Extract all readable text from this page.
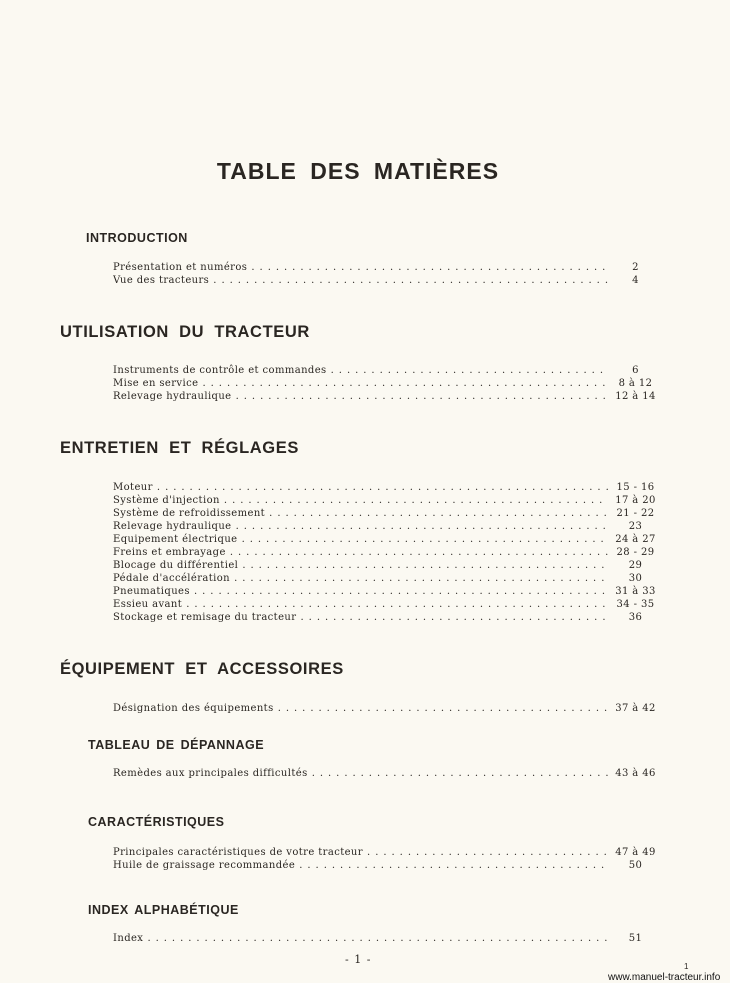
TABLE DES MATIÈRES
INTRODUCTION
Présentation et numéros . . .	2
Vue des tracteurs . . .	4
UTILISATION DU TRACTEUR
Instruments de contrôle et commandes . . .	6
Mise en service . . .	8 à 12
Relevage hydraulique . . .	12 à 14
ENTRETIEN ET RÉGLAGES
Moteur . . .	15 - 16
Système d'injection . . .	17 à 20
Système de refroidissement . . .	21 - 22
Relevage hydraulique . . .	23
Equipement électrique . . .	24 à 27
Freins et embrayage . . .	28 - 29
Blocage du différentiel . . .	29
Pédale d'accélération . . .	30
Pneumatiques . . .	31 à 33
Essieu avant . . .	34 - 35
Stockage et remisage du tracteur . . .	36
ÉQUIPEMENT ET ACCESSOIRES
Désignation des équipements . . .	37 à 42
TABLEAU DE DÉPANNAGE
Remèdes aux principales difficultés . . .	43 à 46
CARACTÉRISTIQUES
Principales caractéristiques de votre tracteur . . .	47 à 49
Huile de graissage recommandée . . .	50
INDEX ALPHABÉTIQUE
Index . . .	51
- 1 -
1
www.manuel-tracteur.info
